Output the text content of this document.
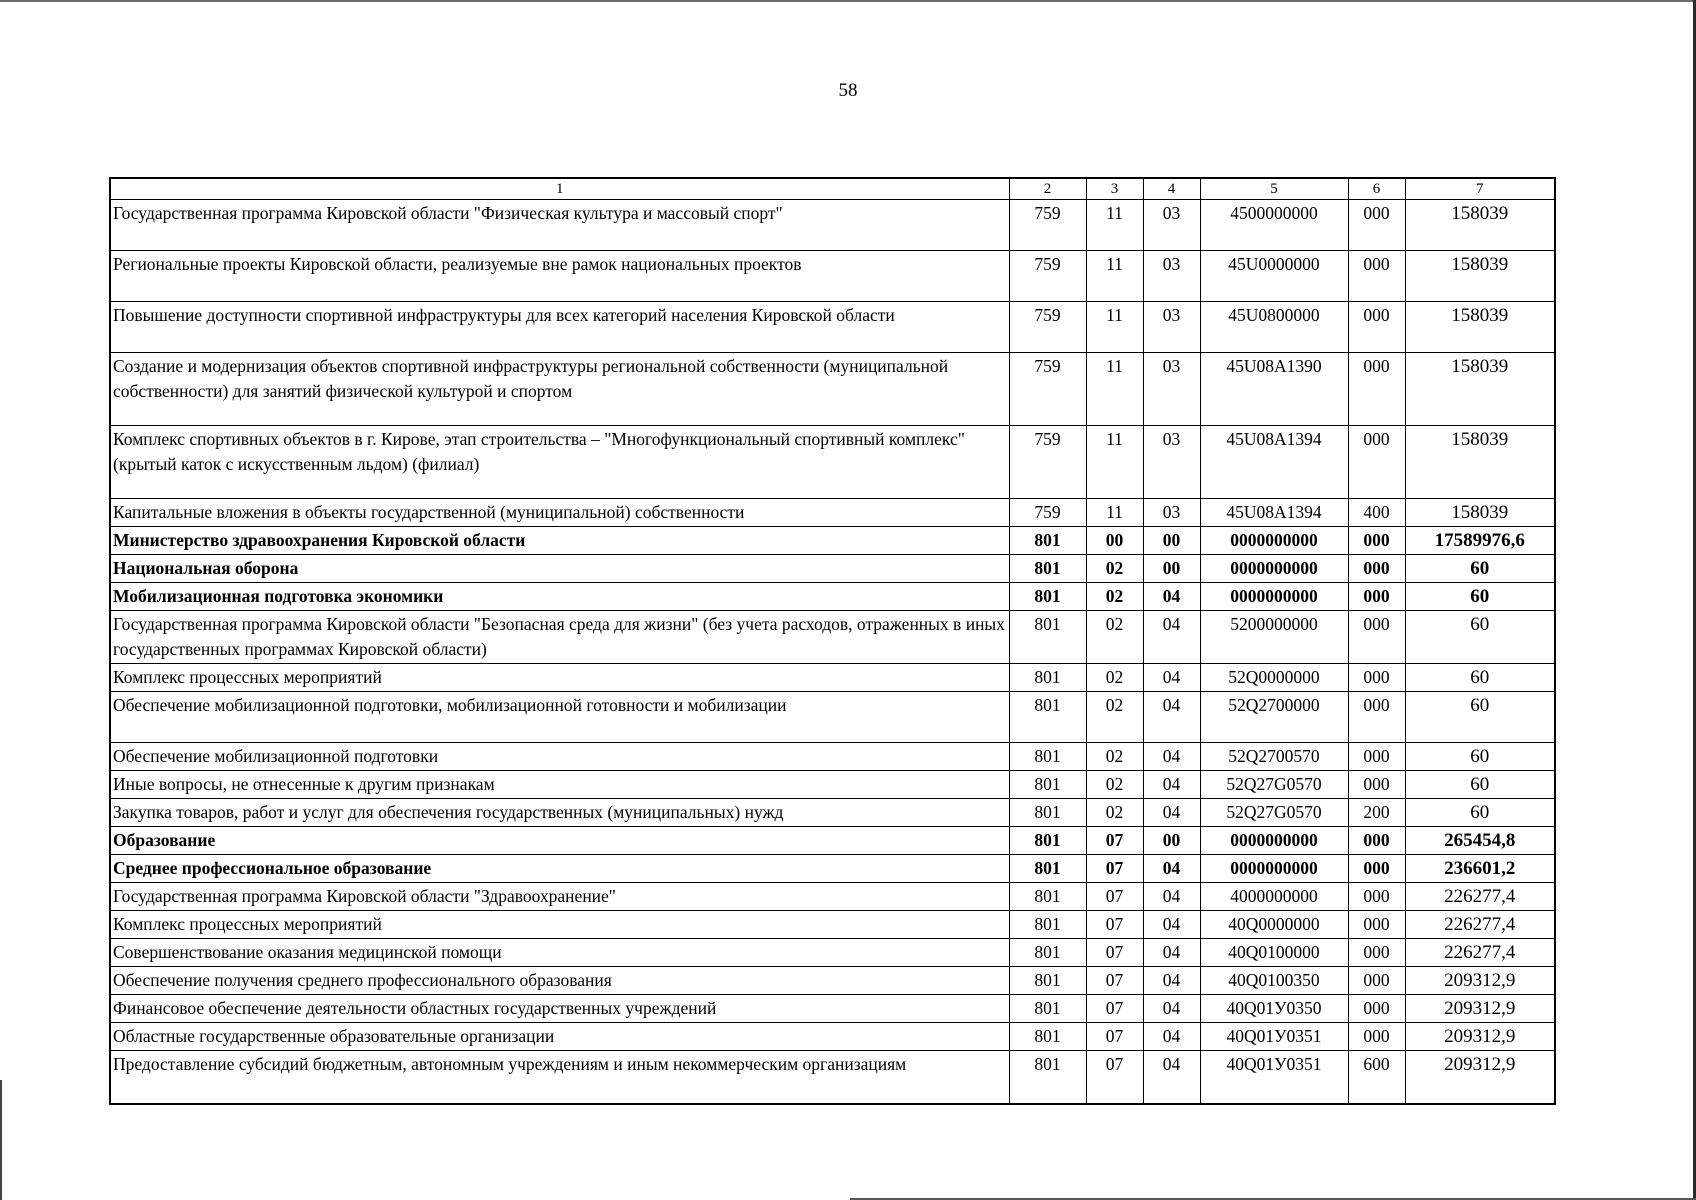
58
1	2	3	4	5	6	7
Государственная программа Кировской области "Физическая культура и массовый спорт"	759	11	03	4500000000	000	158039
Региональные проекты Кировской области, реализуемые вне рамок национальных проектов	759	11	03	45U0000000	000	158039
Повышение доступности спортивной инфраструктуры для всех категорий населения Кировской области	759	11	03	45U0800000	000	158039
Создание и модернизация объектов спортивной инфраструктуры региональной собственности (муниципальной собственности) для занятий физической культурой и спортом	759	11	03	45U08A1390	000	158039
Комплекс спортивных объектов в г. Кирове, этап строительства – "Многофункциональный спортивный комплекс" (крытый каток с искусственным льдом) (филиал)	759	11	03	45U08A1394	000	158039
Капитальные вложения в объекты государственной (муниципальной) собственности	759	11	03	45U08A1394	400	158039
Министерство здравоохранения Кировской области	801	00	00	0000000000	000	17589976,6
Национальная оборона	801	02	00	0000000000	000	60
Мобилизационная подготовка экономики	801	02	04	0000000000	000	60
Государственная программа Кировской области "Безопасная среда для жизни" (без учета расходов, отраженных в иных государственных программах Кировской области)	801	02	04	5200000000	000	60
Комплекс процессных мероприятий	801	02	04	52Q0000000	000	60
Обеспечение мобилизационной подготовки, мобилизационной готовности и мобилизации	801	02	04	52Q2700000	000	60
Обеспечение мобилизационной подготовки	801	02	04	52Q2700570	000	60
Иные вопросы, не отнесенные к другим признакам	801	02	04	52Q27G0570	000	60
Закупка товаров, работ и услуг для обеспечения государственных (муниципальных) нужд	801	02	04	52Q27G0570	200	60
Образование	801	07	00	0000000000	000	265454,8
Среднее профессиональное образование	801	07	04	0000000000	000	236601,2
Государственная программа Кировской области "Здравоохранение"	801	07	04	4000000000	000	226277,4
Комплекс процессных мероприятий	801	07	04	40Q0000000	000	226277,4
Совершенствование оказания медицинской помощи	801	07	04	40Q0100000	000	226277,4
Обеспечение получения среднего профессионального образования	801	07	04	40Q0100350	000	209312,9
Финансовое обеспечение деятельности областных государственных учреждений	801	07	04	40Q01У0350	000	209312,9
Областные государственные образовательные организации	801	07	04	40Q01У0351	000	209312,9
Предоставление субсидий бюджетным, автономным учреждениям и иным некоммерческим организациям	801	07	04	40Q01У0351	600	209312,9
